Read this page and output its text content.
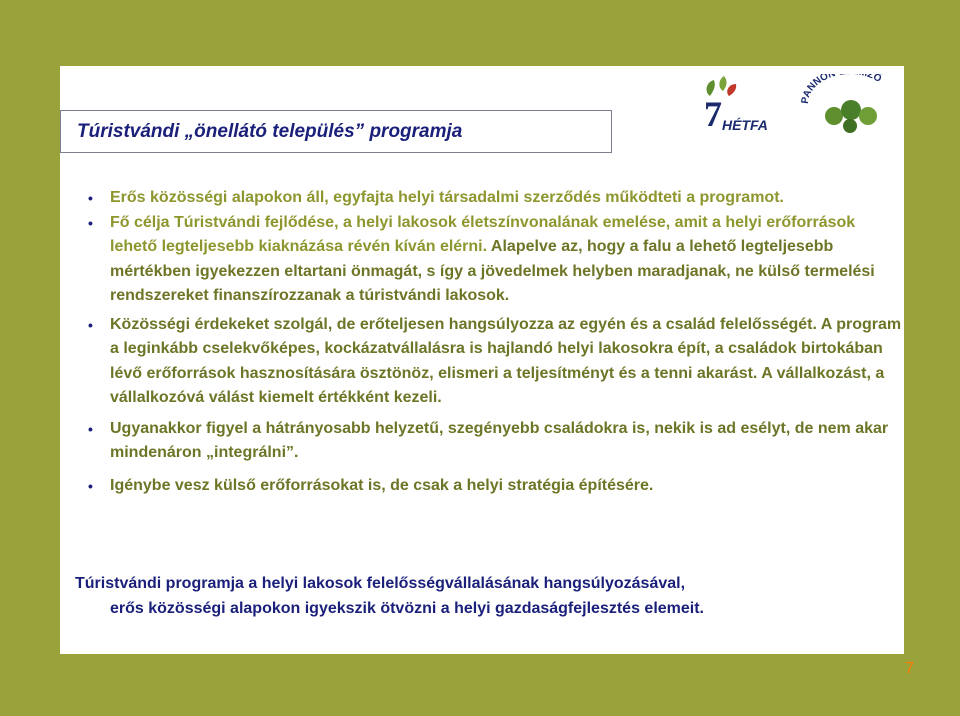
Túristvándi „önellátó település” programja	7 HÉTFA
PANNON ZŐ

• Erős közösségi alapokon áll, egyfajta helyi társadalmi szerződés működteti a programot.

• Fő célja Túristvándi fejlődése, a helyi lakosok életszínvonalának emelése, amit a helyi erőforrások lehető legteljesebb kiaknázása révén kíván elérni. Alapelve az, hogy a falu a lehető legteljesebb mértékben igyekezzen eltartani önmagát, s így a jövedelmek helyben maradjanak, ne külső termelési rendszereket finanszírozzanak a túristvándi lakosok.

• Közösségi érdekeket szolgál, de erőteljesen hangsúlyozza az egyén és a család felelősségét. A program a leginkább cselekvőképes, kockázatvállalásra is hajlandó helyi lakosokra épít, a családok birtokában lévő erőforrások hasznosítására ösztönöz, elismeri a teljesítményt és a tenni akarást. A vállalkozást, a vállalkozóvá válást kiemelt értékként kezeli.

• Ugyanakkor figyel a hátrányosabb helyzetű, szegényebb családokra is, nekik is ad esélyt, de nem akar mindenáron „integrálni”.

• Igénybe vesz külső erőforrásokat is, de csak a helyi stratégia építésére.

Túristvándi programja a helyi lakosok felelősségvállalásának hangsúlyozásával,
erős közösségi alapokon igyekszik ötvözni a helyi gazdaságfejlesztés elemeit.
7
